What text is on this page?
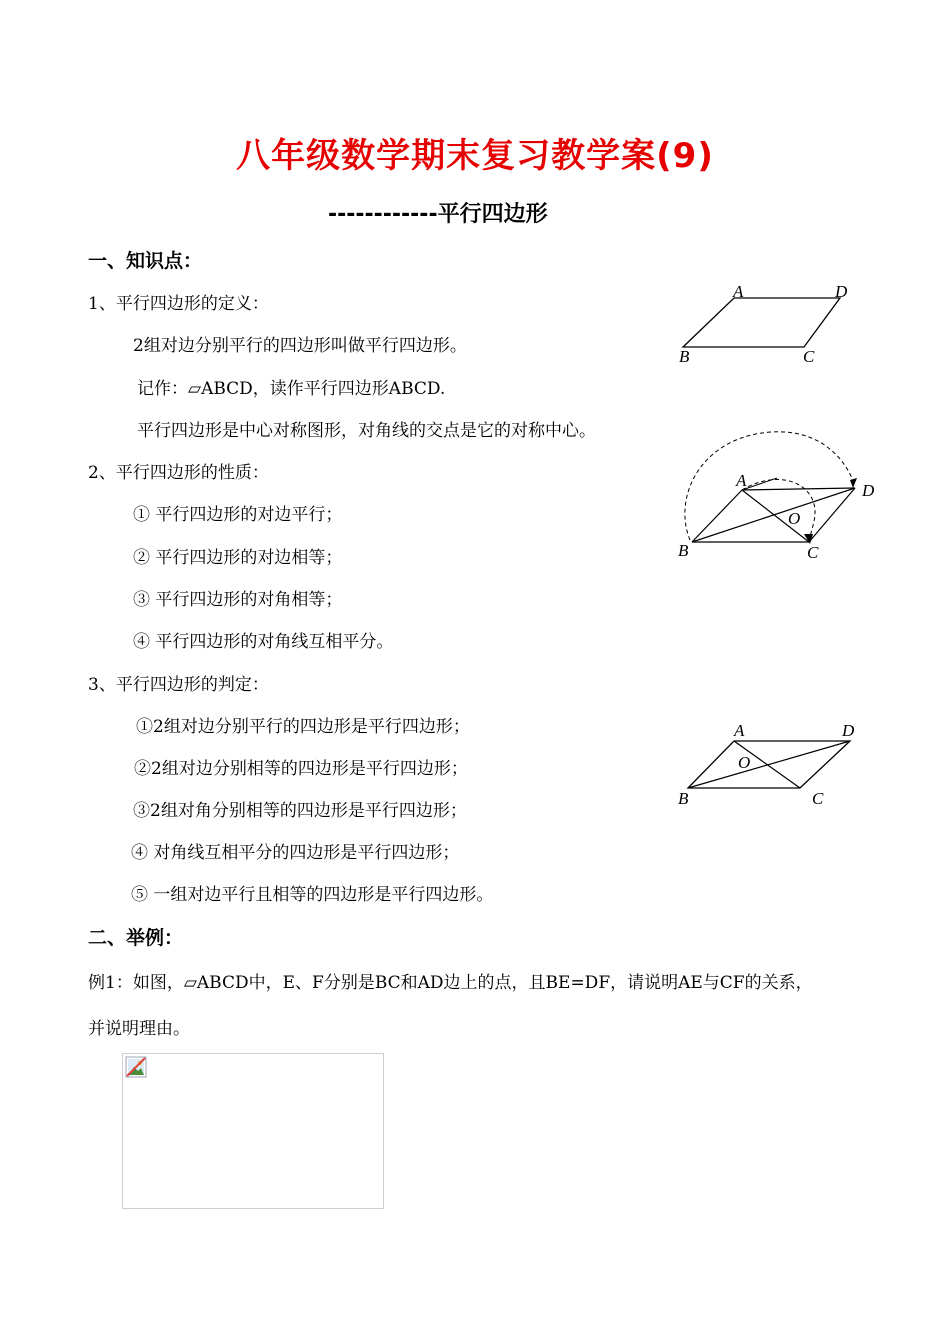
八年级数学期末复习教学案(9)
------------平行四边形
一、知识点：
1、平行四边形的定义：
2组对边分别平行的四边形叫做平行四边形。
记作：▱ABCD，读作平行四边形ABCD.
平行四边形是中心对称图形，对角线的交点是它的对称中心。
2、平行四边形的性质：
① 平行四边形的对边平行；
② 平行四边形的对边相等；
③ 平行四边形的对角相等；
④ 平行四边形的对角线互相平分。
3、平行四边形的判定：
①2组对边分别平行的四边形是平行四边形；
②2组对边分别相等的四边形是平行四边形；
③2组对角分别相等的四边形是平行四边形；
④ 对角线互相平分的四边形是平行四边形；
⑤ 一组对边平行且相等的四边形是平行四边形。
二、举例：
例1：如图，▱ABCD中，E、F分别是BC和AD边上的点，且BE=DF，请说明AE与CF的关系，
并说明理由。
A	D
B	C
A
D
B	C
O
A	D
B	C
O
